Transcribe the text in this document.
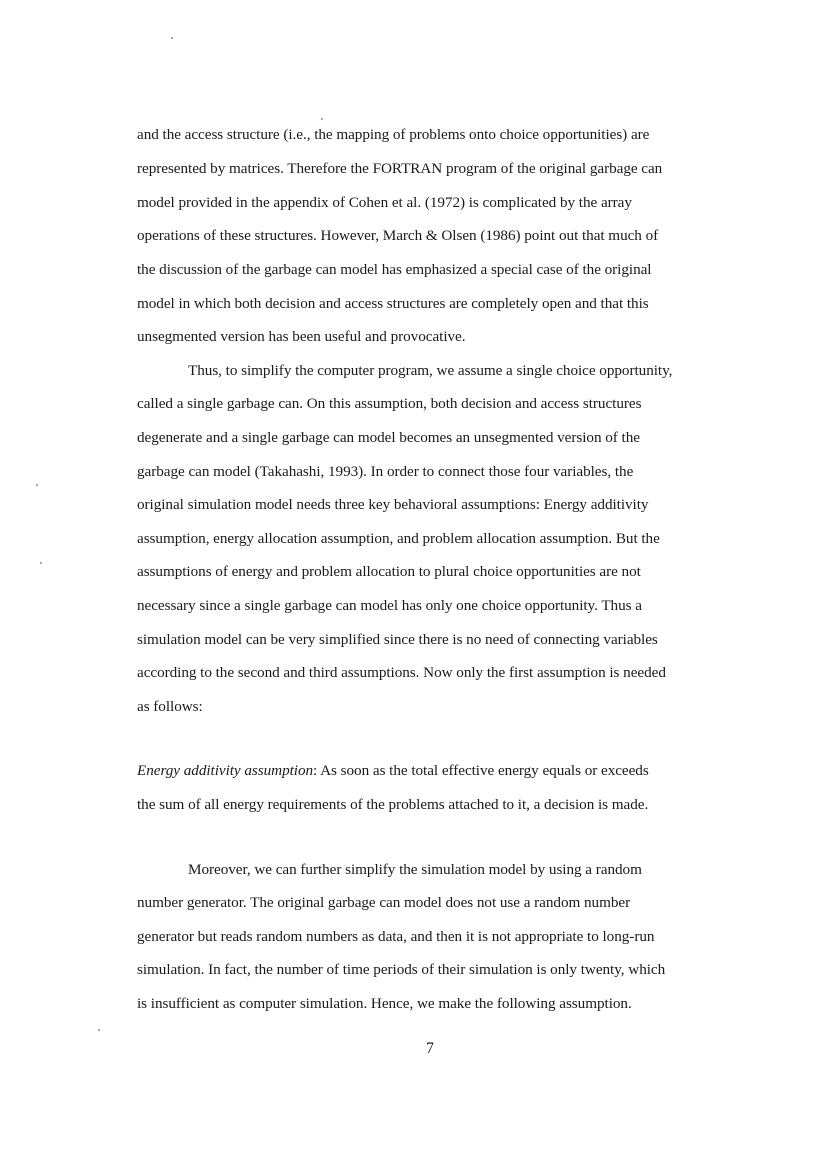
and the access structure (i.e., the mapping of problems onto choice opportunities) are
represented by matrices. Therefore the FORTRAN program of the original garbage can
model provided in the appendix of Cohen et al. (1972) is complicated by the array
operations of these structures. However, March & Olsen (1986) point out that much of
the discussion of the garbage can model has emphasized a special case of the original
model in which both decision and access structures are completely open and that this
unsegmented version has been useful and provocative.
Thus, to simplify the computer program, we assume a single choice opportunity,
called a single garbage can. On this assumption, both decision and access structures
degenerate and a single garbage can model becomes an unsegmented version of the
garbage can model (Takahashi, 1993). In order to connect those four variables, the
original simulation model needs three key behavioral assumptions: Energy additivity
assumption, energy allocation assumption, and problem allocation assumption. But the
assumptions of energy and problem allocation to plural choice opportunities are not
necessary since a single garbage can model has only one choice opportunity. Thus a
simulation model can be very simplified since there is no need of connecting variables
according to the second and third assumptions. Now only the first assumption is needed
as follows:
Energy additivity assumption: As soon as the total effective energy equals or exceeds
the sum of all energy requirements of the problems attached to it, a decision is made.
Moreover, we can further simplify the simulation model by using a random
number generator. The original garbage can model does not use a random number
generator but reads random numbers as data, and then it is not appropriate to long-run
simulation. In fact, the number of time periods of their simulation is only twenty, which
is insufficient as computer simulation. Hence, we make the following assumption.
7
